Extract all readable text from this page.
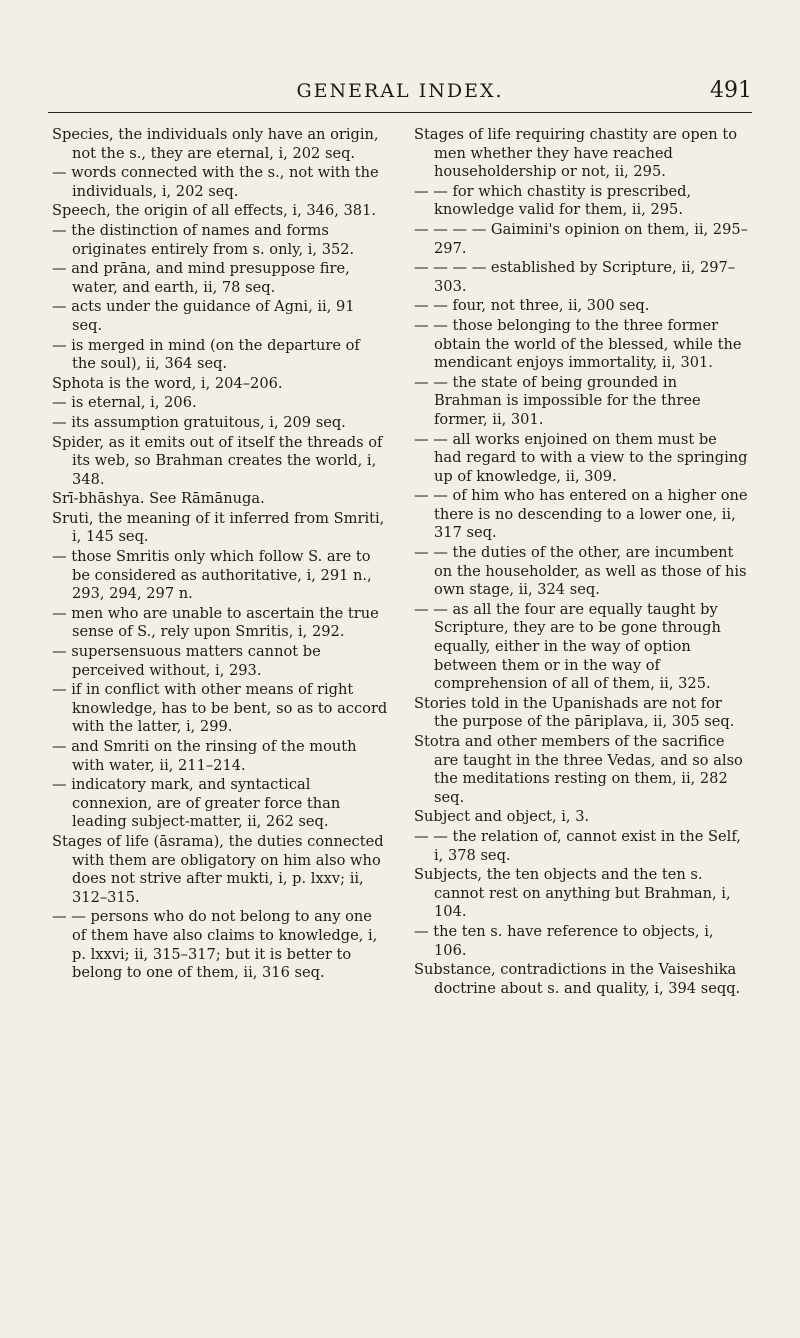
GENERAL INDEX.	491

Species, the individuals only have an origin, not the s., they are eternal, i, 202 seq.

— words connected with the s., not with the individuals, i, 202 seq.

Speech, the origin of all effects, i, 346, 381.

— the distinction of names and forms originates entirely from s. only, i, 352.

— and prāna, and mind presuppose fire, water, and earth, ii, 78 seq.

— acts under the guidance of Agni, ii, 91 seq.

— is merged in mind (on the departure of the soul), ii, 364 seq.

Sphota is the word, i, 204–206.

— is eternal, i, 206.

— its assumption gratuitous, i, 209 seq.

Spider, as it emits out of itself the threads of its web, so Brahman creates the world, i, 348.

Srī-bhāshya. See Rāmānuga.

Sruti, the meaning of it inferred from Smriti, i, 145 seq.

— those Smritis only which follow S. are to be considered as authoritative, i, 291 n., 293, 294, 297 n.

— men who are unable to ascertain the true sense of S., rely upon Smritis, i, 292.

— supersensuous matters cannot be perceived without, i, 293.

— if in conflict with other means of right knowledge, has to be bent, so as to accord with the latter, i, 299.

— and Smriti on the rinsing of the mouth with water, ii, 211–214.

— indicatory mark, and syntactical connexion, are of greater force than leading subject-matter, ii, 262 seq.

Stages of life (āsrama), the duties connected with them are obligatory on him also who does not strive after mukti, i, p. lxxv; ii, 312–315.

— — persons who do not belong to any one of them have also claims to knowledge, i, p. lxxvi; ii, 315–317; but it is better to belong to one of them, ii, 316 seq.

Stages of life requiring chastity are open to men whether they have reached householdership or not, ii, 295.

— — for which chastity is prescribed, knowledge valid for them, ii, 295.

— — — — Gaimini's opinion on them, ii, 295–297.

— — — — established by Scripture, ii, 297–303.

— — four, not three, ii, 300 seq.

— — those belonging to the three former obtain the world of the blessed, while the mendicant enjoys immortality, ii, 301.

— — the state of being grounded in Brahman is impossible for the three former, ii, 301.

— — all works enjoined on them must be had regard to with a view to the springing up of knowledge, ii, 309.

— — of him who has entered on a higher one there is no descending to a lower one, ii, 317 seq.

— — the duties of the other, are incumbent on the householder, as well as those of his own stage, ii, 324 seq.

— — as all the four are equally taught by Scripture, they are to be gone through equally, either in the way of option between them or in the way of comprehension of all of them, ii, 325.

Stories told in the Upanishads are not for the purpose of the pāriplava, ii, 305 seq.

Stotra and other members of the sacrifice are taught in the three Vedas, and so also the meditations resting on them, ii, 282 seq.

Subject and object, i, 3.

— — the relation of, cannot exist in the Self, i, 378 seq.

Subjects, the ten objects and the ten s. cannot rest on anything but Brahman, i, 104.

— the ten s. have reference to objects, i, 106.

Substance, contradictions in the Vaiseshika doctrine about s. and quality, i, 394 seqq.
